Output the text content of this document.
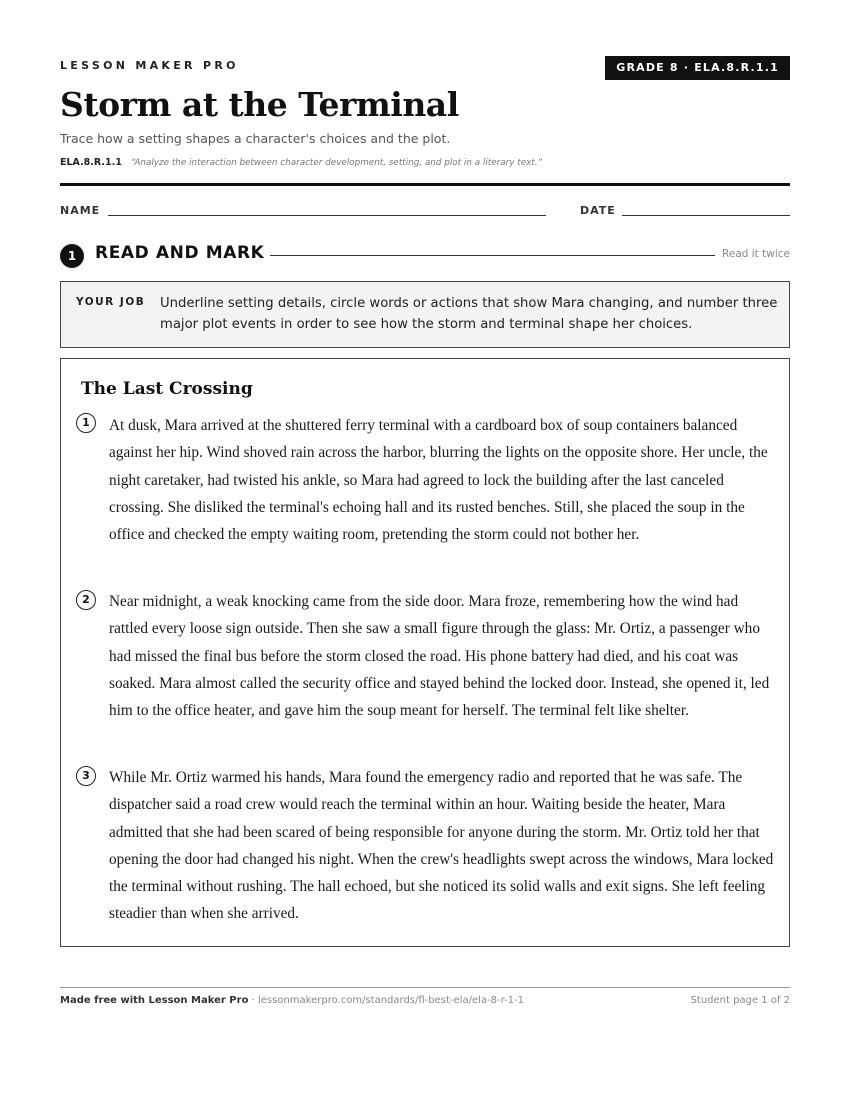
LESSON MAKER PRO	GRADE 8 · ELA.8.R.1.1
Storm at the Terminal
Trace how a setting shapes a character's choices and the plot.
ELA.8.R.1.1 “Analyze the interaction between character development, setting, and plot in a literary text.”
NAME	DATE
1	READ AND MARK	Read it twice
YOUR JOB Underline setting details, circle words or actions that show Mara changing, and number three major plot events in order to see how the storm and terminal shape her choices.
The Last Crossing
1	At dusk, Mara arrived at the shuttered ferry terminal with a cardboard box of soup containers balanced against her hip. Wind shoved rain across the harbor, blurring the lights on the opposite shore. Her uncle, the night caretaker, had twisted his ankle, so Mara had agreed to lock the building after the last canceled crossing. She disliked the terminal's echoing hall and its rusted benches. Still, she placed the soup in the office and checked the empty waiting room, pretending the storm could not bother her.
2	Near midnight, a weak knocking came from the side door. Mara froze, remembering how the wind had rattled every loose sign outside. Then she saw a small figure through the glass: Mr. Ortiz, a passenger who had missed the final bus before the storm closed the road. His phone battery had died, and his coat was soaked. Mara almost called the security office and stayed behind the locked door. Instead, she opened it, led him to the office heater, and gave him the soup meant for herself. The terminal felt like shelter.
3	While Mr. Ortiz warmed his hands, Mara found the emergency radio and reported that he was safe. The dispatcher said a road crew would reach the terminal within an hour. Waiting beside the heater, Mara admitted that she had been scared of being responsible for anyone during the storm. Mr. Ortiz told her that opening the door had changed his night. When the crew's headlights swept across the windows, Mara locked the terminal without rushing. The hall echoed, but she noticed its solid walls and exit signs. She left feeling steadier than when she arrived.
Made free with Lesson Maker Pro · lessonmakerpro.com/standards/fl-best-ela/ela-8-r-1-1	Student page 1 of 2
